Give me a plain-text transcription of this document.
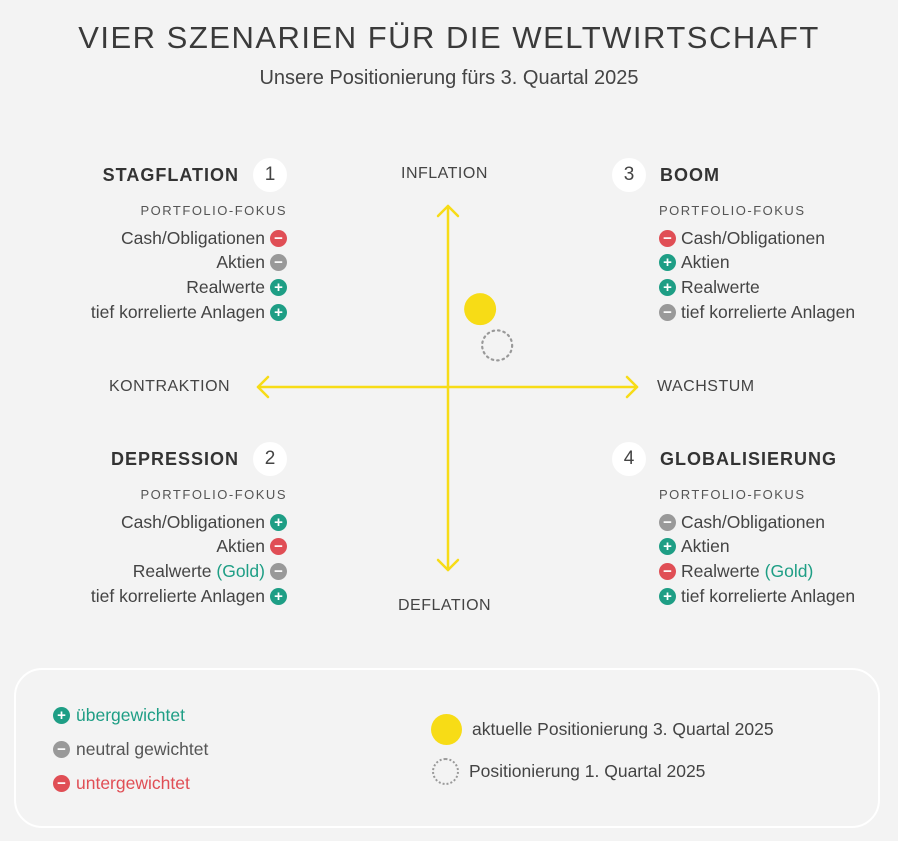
VIER SZENARIEN FÜR DIE WELTWIRTSCHAFT
Unsere Positionierung fürs 3. Quartal 2025
INFLATION
DEFLATION
KONTRAKTION	WACHSTUM
STAGFLATION	1
PORTFOLIO-FOKUS
Cash/Obligationen −
Aktien −
Realwerte +
tief korrelierte Anlagen +
DEPRESSION	2
PORTFOLIO-FOKUS
Cash/Obligationen +
Aktien −
Realwerte (Gold) −
tief korrelierte Anlagen +
3	BOOM
PORTFOLIO-FOKUS
− Cash/Obligationen
+ Aktien
+ Realwerte
− tief korrelierte Anlagen
4	GLOBALISIERUNG
PORTFOLIO-FOKUS
− Cash/Obligationen
+ Aktien
− Realwerte (Gold)
+ tief korrelierte Anlagen
+ übergewichtet
− neutral gewichtet
− untergewichtet
aktuelle Positionierung 3. Quartal 2025
Positionierung 1. Quartal 2025
